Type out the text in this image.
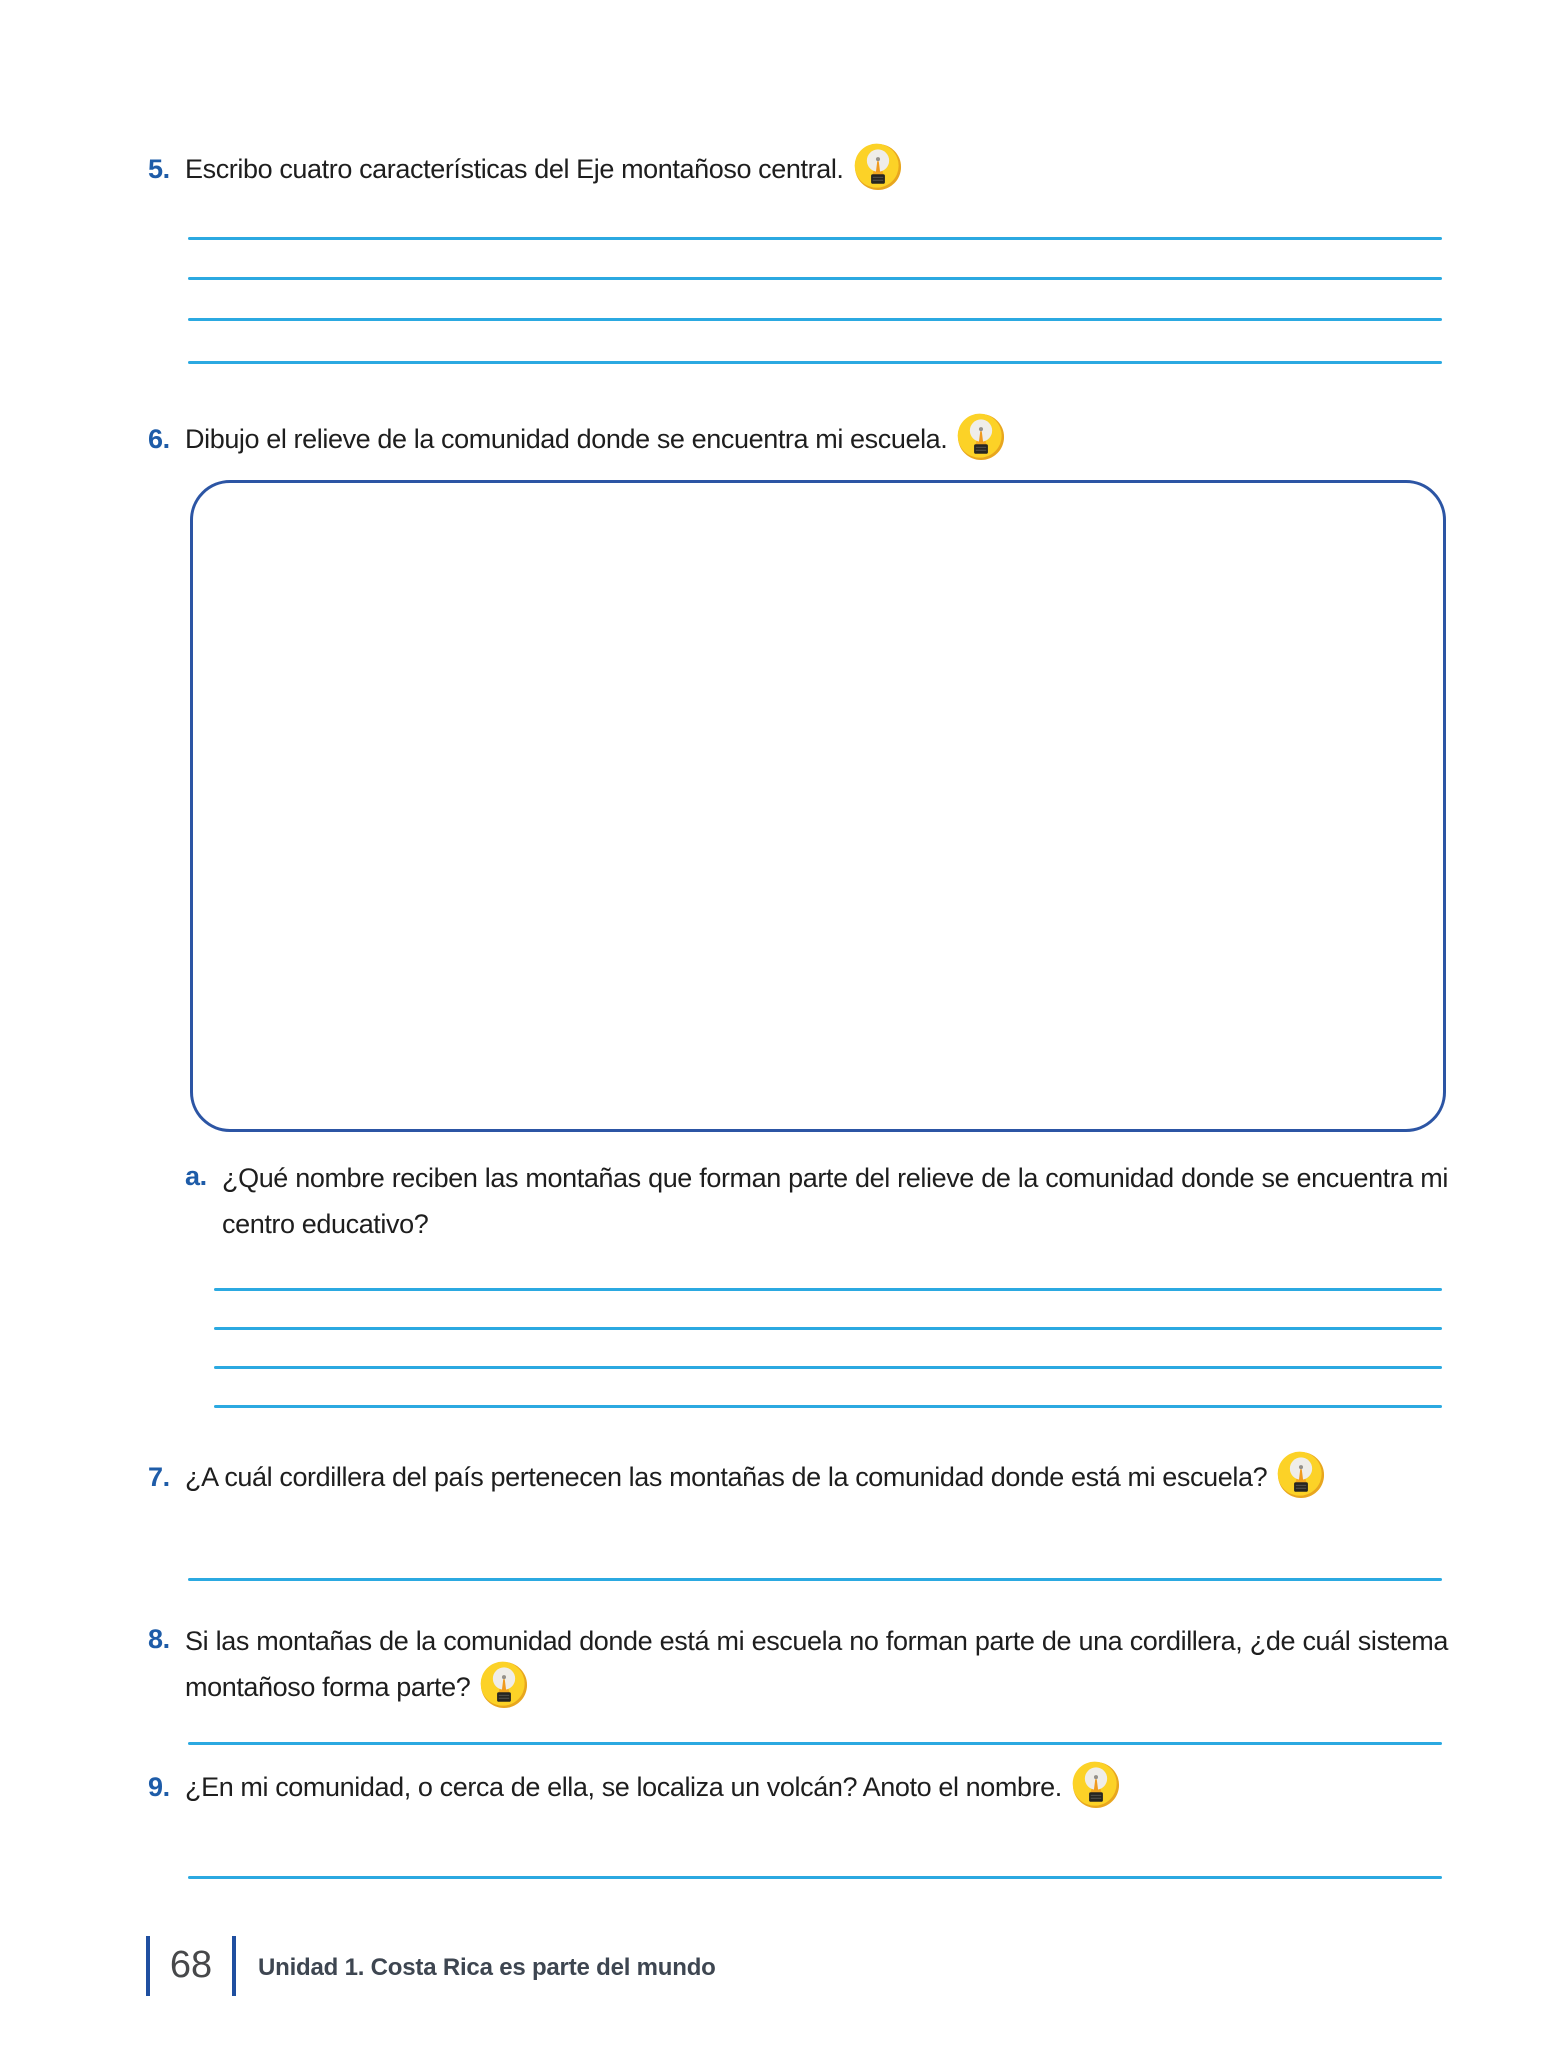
5. Escribo cuatro características del Eje montañoso central.
6. Dibujo el relieve de la comunidad donde se encuentra mi escuela.
a. ¿Qué nombre reciben las montañas que forman parte del relieve de la comunidad donde se encuentra mi centro educativo?
7. ¿A cuál cordillera del país pertenecen las montañas de la comunidad donde está mi escuela?
8. Si las montañas de la comunidad donde está mi escuela no forman parte de una cordillera, ¿de cuál sistema montañoso forma parte?
9. ¿En mi comunidad, o cerca de ella, se localiza un volcán? Anoto el nombre.
68	Unidad 1. Costa Rica es parte del mundo
